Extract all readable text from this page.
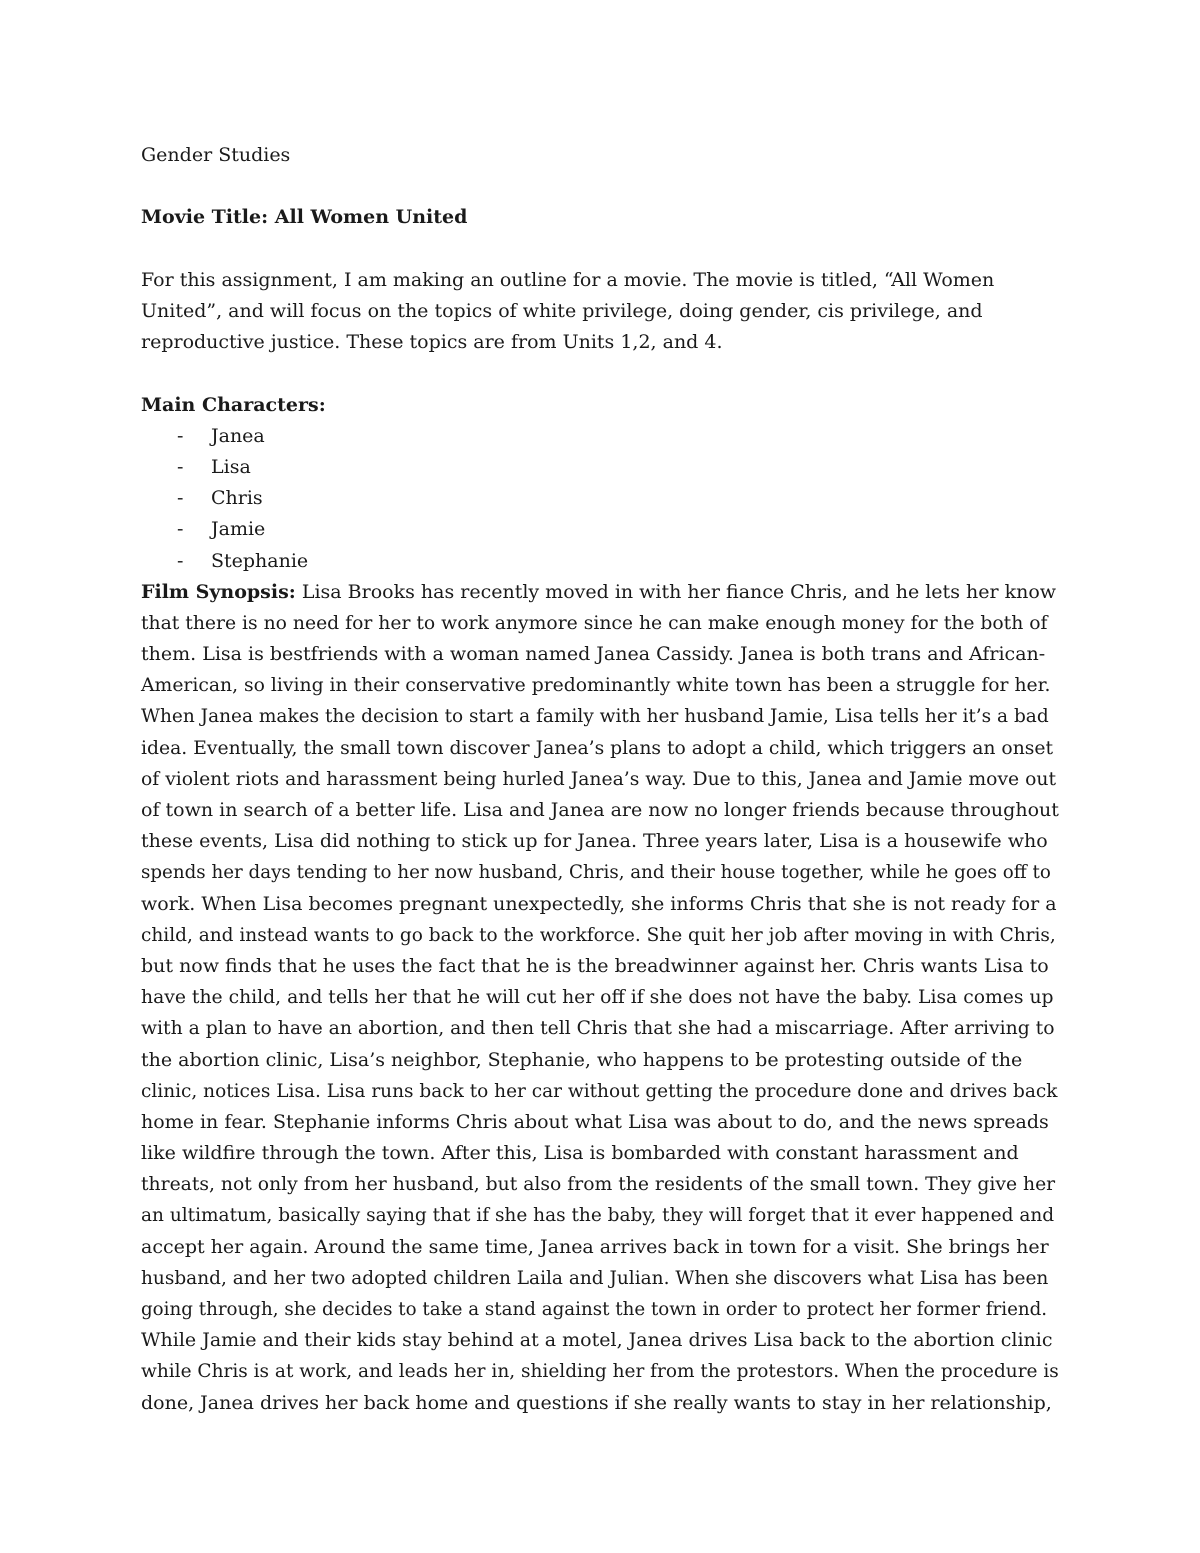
Gender Studies

Movie Title: All Women United

For this assignment, I am making an outline for a movie. The movie is titled, “All Women
United”, and will focus on the topics of white privilege, doing gender, cis privilege, and
reproductive justice. These topics are from Units 1,2, and 4.

Main Characters:

- Janea
- Lisa
- Chris
- Jamie
- Stephanie
Film Synopsis: Lisa Brooks has recently moved in with her fiance Chris, and he lets her know
that there is no need for her to work anymore since he can make enough money for the both of
them. Lisa is bestfriends with a woman named Janea Cassidy. Janea is both trans and African-
American, so living in their conservative predominantly white town has been a struggle for her.
When Janea makes the decision to start a family with her husband Jamie, Lisa tells her it’s a bad
idea. Eventually, the small town discover Janea’s plans to adopt a child, which triggers an onset
of violent riots and harassment being hurled Janea’s way. Due to this, Janea and Jamie move out
of town in search of a better life. Lisa and Janea are now no longer friends because throughout
these events, Lisa did nothing to stick up for Janea. Three years later, Lisa is a housewife who
spends her days tending to her now husband, Chris, and their house together, while he goes off to
work. When Lisa becomes pregnant unexpectedly, she informs Chris that she is not ready for a
child, and instead wants to go back to the workforce. She quit her job after moving in with Chris,
but now finds that he uses the fact that he is the breadwinner against her. Chris wants Lisa to
have the child, and tells her that he will cut her off if she does not have the baby. Lisa comes up
with a plan to have an abortion, and then tell Chris that she had a miscarriage. After arriving to
the abortion clinic, Lisa’s neighbor, Stephanie, who happens to be protesting outside of the
clinic, notices Lisa. Lisa runs back to her car without getting the procedure done and drives back
home in fear. Stephanie informs Chris about what Lisa was about to do, and the news spreads
like wildfire through the town. After this, Lisa is bombarded with constant harassment and
threats, not only from her husband, but also from the residents of the small town. They give her
an ultimatum, basically saying that if she has the baby, they will forget that it ever happened and
accept her again. Around the same time, Janea arrives back in town for a visit. She brings her
husband, and her two adopted children Laila and Julian. When she discovers what Lisa has been
going through, she decides to take a stand against the town in order to protect her former friend.
While Jamie and their kids stay behind at a motel, Janea drives Lisa back to the abortion clinic
while Chris is at work, and leads her in, shielding her from the protestors. When the procedure is
done, Janea drives her back home and questions if she really wants to stay in her relationship,
